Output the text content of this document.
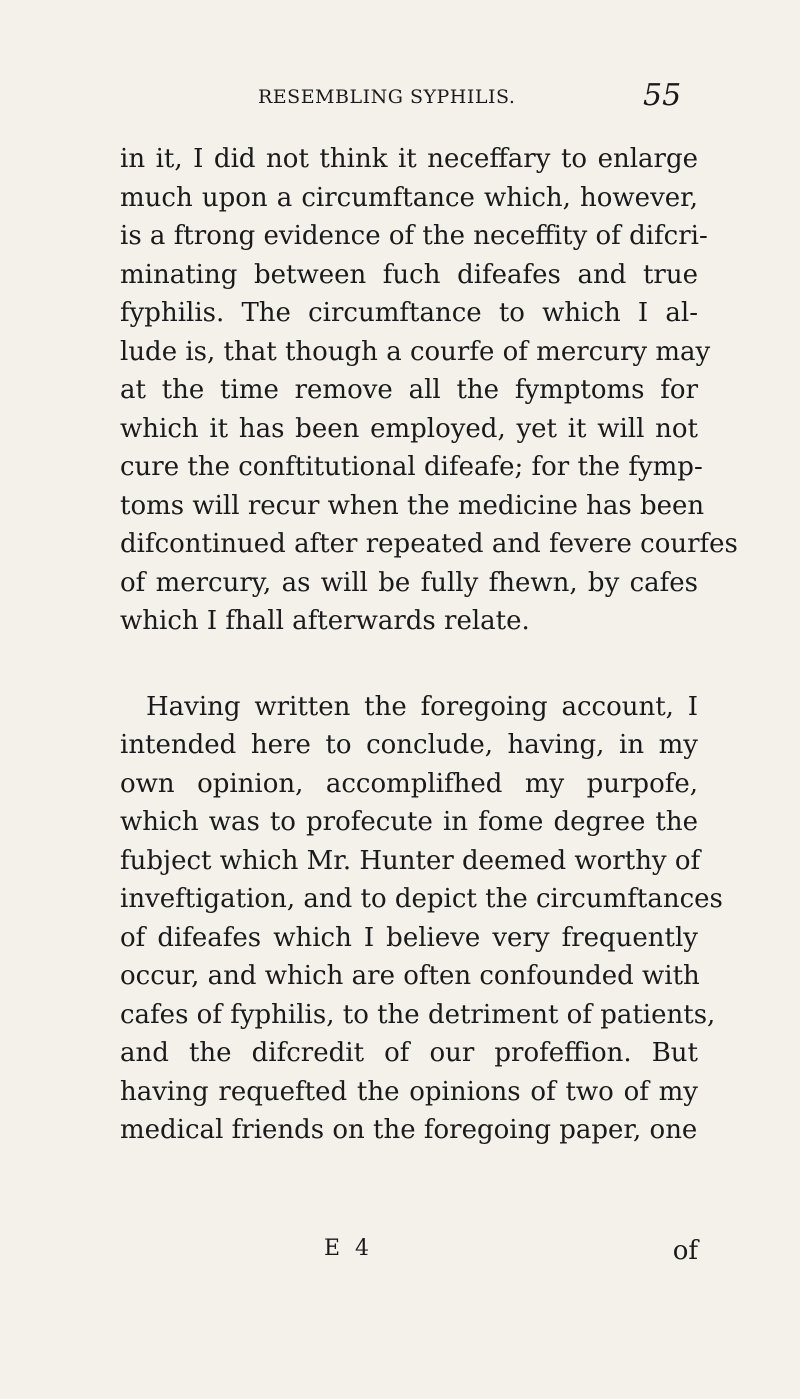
RESEMBLING SYPHILIS.	55
in it, I did not think it neceffary to enlarge
much upon a circumftance which, however,
is a ftrong evidence of the neceffity of difcri-
minating between fuch difeafes and true
fyphilis. The circumftance to which I al-
lude is, that though a courfe of mercury may
at the time remove all the fymptoms for
which it has been employed, yet it will not
cure the conftitutional difeafe; for the fymp-
toms will recur when the medicine has been
difcontinued after repeated and fevere courfes
of mercury, as will be fully fhewn, by cafes
which I fhall afterwards relate.
Having written the foregoing account, I
intended here to conclude, having, in my
own opinion, accomplifhed my purpofe,
which was to profecute in fome degree the
fubject which Mr. Hunter deemed worthy of
inveftigation, and to depict the circumftances
of difeafes which I believe very frequently
occur, and which are often confounded with
cafes of fyphilis, to the detriment of patients,
and the difcredit of our profeffion. But
having requefted the opinions of two of my
medical friends on the foregoing paper, one
E 4	of
